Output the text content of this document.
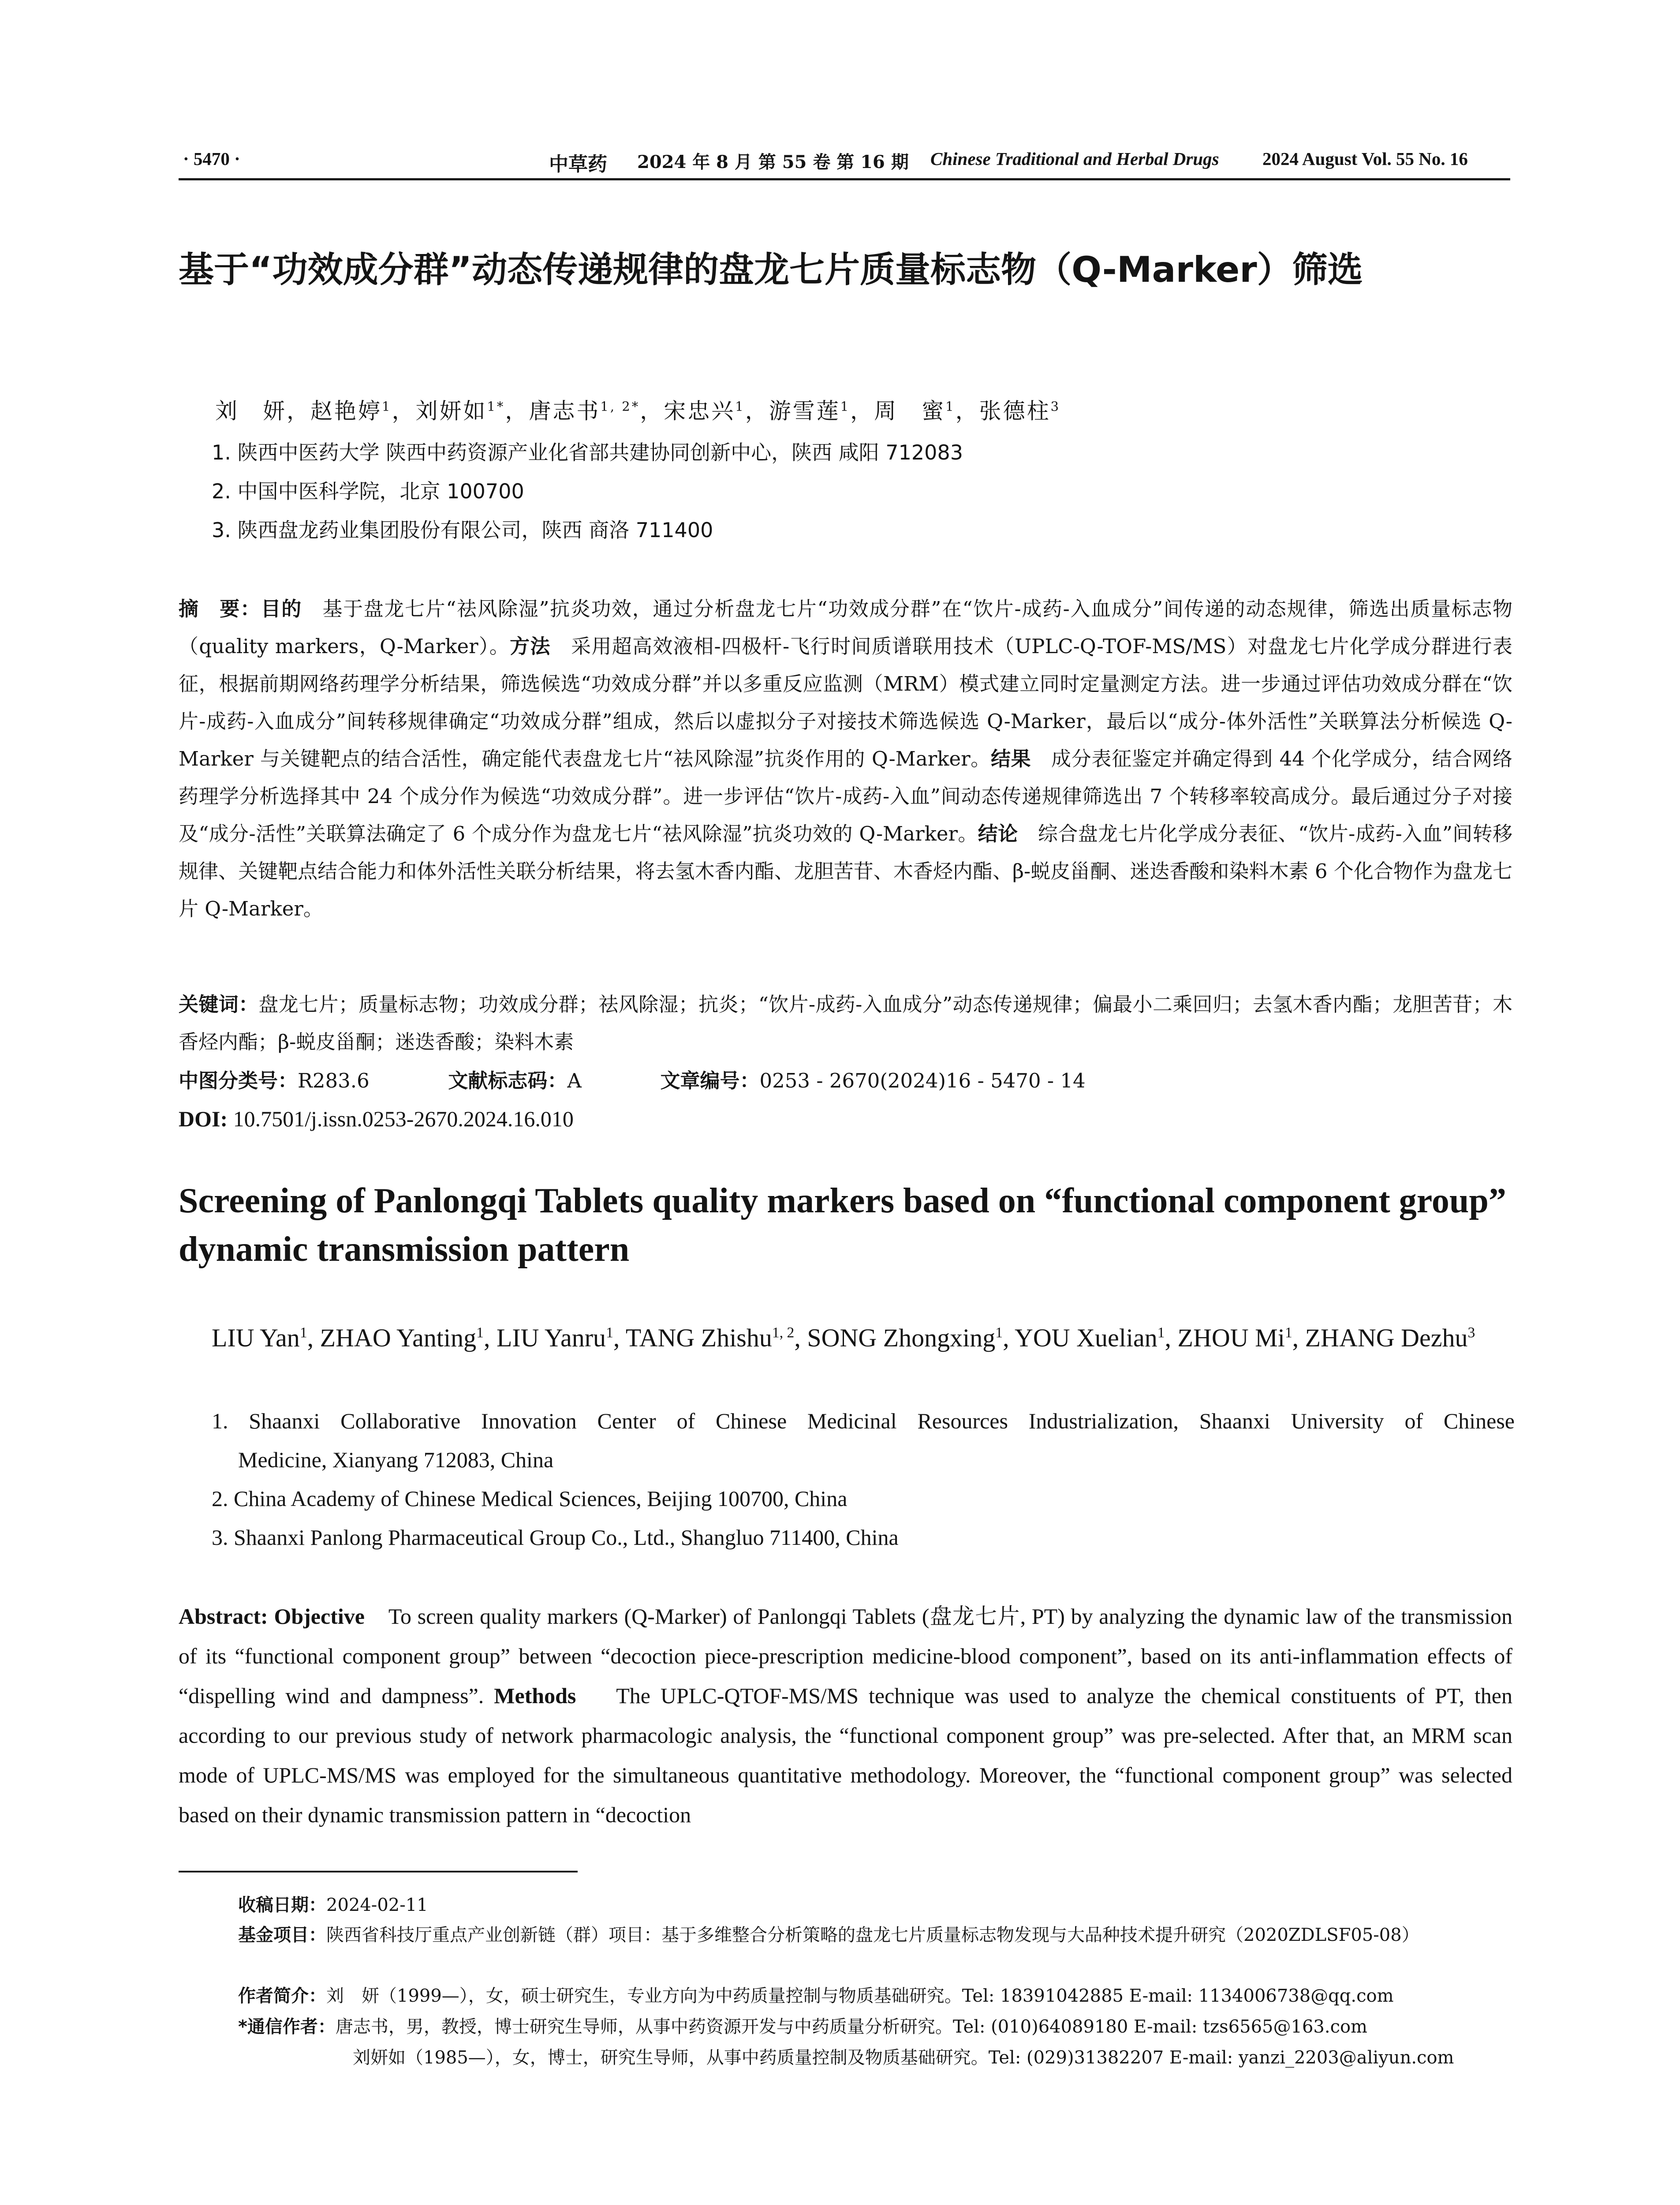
· 5470 ·	中草药 2024 年 8 月 第 55 卷 第 16 期 Chinese Traditional and Herbal Drugs 2024 August Vol. 55 No. 16
基于“功效成分群”动态传递规律的盘龙七片质量标志物（Q-Marker）筛选
刘　妍，赵艳婷$^1$，刘妍如$^{1*}$，唐志书$^{1, 2*}$，宋忠兴$^1$，游雪莲$^1$，周　蜜$^1$，张德柱$^3$
1. 陕西中医药大学 陕西中药资源产业化省部共建协同创新中心，陕西 咸阳 712083
2. 中国中医科学院，北京 100700
3. 陕西盘龙药业集团股份有限公司，陕西 商洛 711400
摘　要：目的　基于盘龙七片“祛风除湿”抗炎功效，通过分析盘龙七片“功效成分群”在“饮片-成药-入血成分”间传递的动态规律，筛选出质量标志物（quality markers，Q-Marker）。方法　采用超高效液相-四极杆-飞行时间质谱联用技术（UPLC-Q-TOF-MS/MS）对盘龙七片化学成分群进行表征，根据前期网络药理学分析结果，筛选候选“功效成分群”并以多重反应监测（MRM）模式建立同时定量测定方法。进一步通过评估功效成分群在“饮片-成药-入血成分”间转移规律确定“功效成分群”组成，然后以虚拟分子对接技术筛选候选 Q-Marker，最后以“成分-体外活性”关联算法分析候选 Q-Marker 与关键靶点的结合活性，确定能代表盘龙七片“祛风除湿”抗炎作用的 Q-Marker。结果　成分表征鉴定并确定得到 44 个化学成分，结合网络药理学分析选择其中 24 个成分作为候选“功效成分群”。进一步评估“饮片-成药-入血”间动态传递规律筛选出 7 个转移率较高成分。最后通过分子对接及“成分-活性”关联算法确定了 6 个成分作为盘龙七片“祛风除湿”抗炎功效的 Q-Marker。结论　综合盘龙七片化学成分表征、“饮片-成药-入血”间转移规律、关键靶点结合能力和体外活性关联分析结果，将去氢木香内酯、龙胆苦苷、木香烃内酯、β-蜕皮甾酮、迷迭香酸和染料木素 6 个化合物作为盘龙七片 Q-Marker。
关键词：盘龙七片；质量标志物；功效成分群；祛风除湿；抗炎；“饮片-成药-入血成分”动态传递规律；偏最小二乘回归；去氢木香内酯；龙胆苦苷；木香烃内酯；β-蜕皮甾酮；迷迭香酸；染料木素
中图分类号：R283.6	文献标志码：A	文章编号：0253 - 2670(2024)16 - 5470 - 14
DOI: 10.7501/j.issn.0253-2670.2024.16.010
Screening of Panlongqi Tablets quality markers based on “functional component group” dynamic transmission pattern
LIU Yan$^1$, ZHAO Yanting$^1$, LIU Yanru$^1$, TANG Zhishu$^{1, 2}$, SONG Zhongxing$^1$, YOU Xuelian$^1$, ZHOU Mi$^1$, ZHANG Dezhu$^3$
1. Shaanxi Collaborative Innovation Center of Chinese Medicinal Resources Industrialization, Shaanxi University of Chinese
Medicine, Xianyang 712083, China
2. China Academy of Chinese Medical Sciences, Beijing 100700, China
3. Shaanxi Panlong Pharmaceutical Group Co., Ltd., Shangluo 711400, China
Abstract: Objective    To screen quality markers (Q-Marker) of Panlongqi Tablets (盘龙七片, PT) by analyzing the dynamic law of the transmission of its “functional component group” between “decoction piece-prescription medicine-blood component”, based on its anti-inflammation effects of “dispelling wind and dampness”. Methods    The UPLC-QTOF-MS/MS technique was used to analyze the chemical constituents of PT, then according to our previous study of network pharmacologic analysis, the “functional component group” was pre-selected. After that, an MRM scan mode of UPLC-MS/MS was employed for the simultaneous quantitative methodology. Moreover, the “functional component group” was selected based on their dynamic transmission pattern in “decoction
收稿日期：2024-02-11
基金项目： 陕西省科技厅重点产业创新链（群）项目：基于多维整合分析策略的盘龙七片质量标志物发现与大品种技术提升研究（2020ZDLSF05-08）
作者简介：刘　妍（1999—），女，硕士研究生，专业方向为中药质量控制与物质基础研究。Tel: 18391042885 E-mail: 1134006738@qq.com
*通信作者：唐志书，男，教授，博士研究生导师，从事中药资源开发与中药质量分析研究。Tel: (010)64089180 E-mail: tzs6565@163.com
刘妍如（1985—），女，博士，研究生导师，从事中药质量控制及物质基础研究。Tel: (029)31382207 E-mail: yanzi_2203@aliyun.com
